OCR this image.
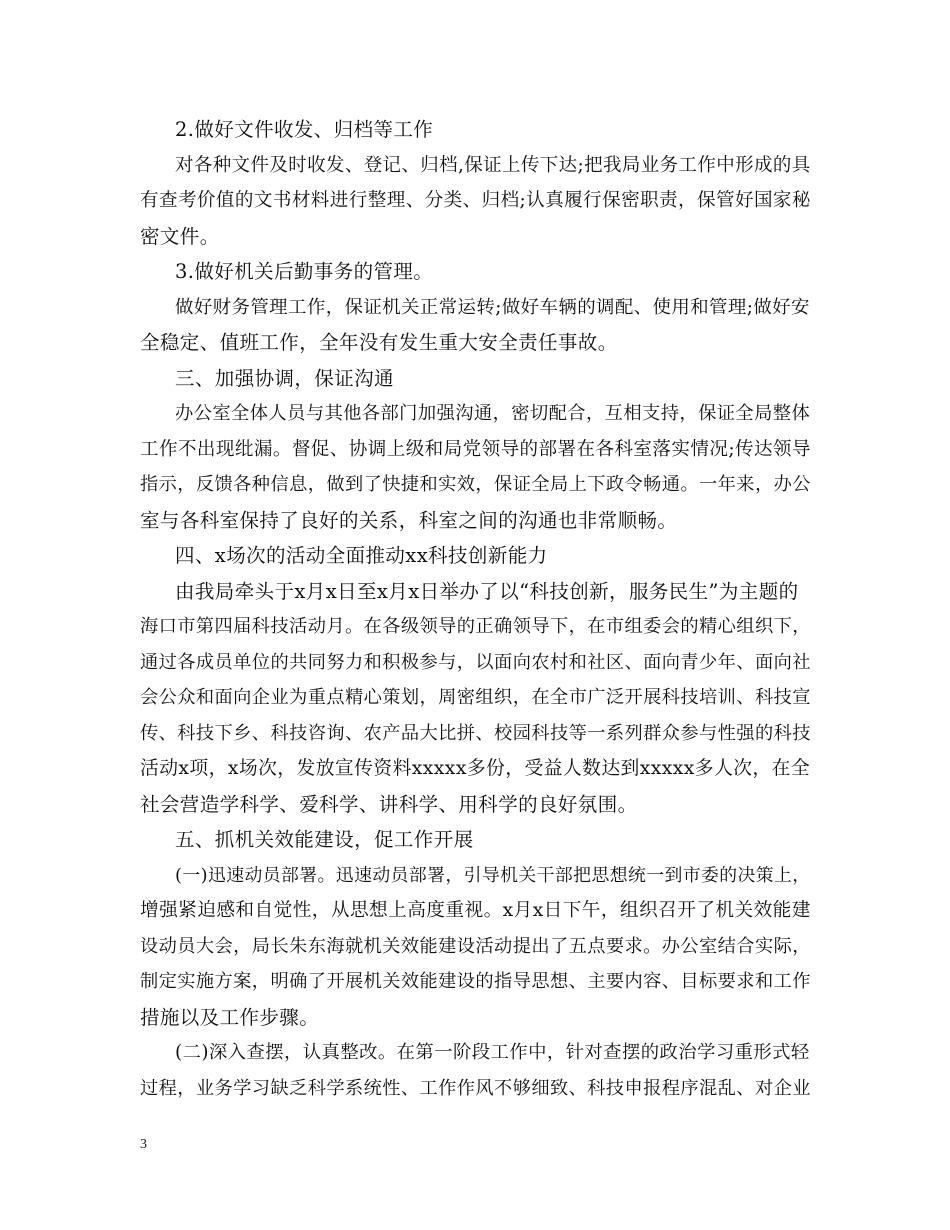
2.做好文件收发、归档等工作
对各种文件及时收发、登记、归档,保证上传下达;把我局业务工作中形成的具
有查考价值的文书材料进行整理、分类、归档;认真履行保密职责，保管好国家秘
密文件。
3.做好机关后勤事务的管理。
做好财务管理工作，保证机关正常运转;做好车辆的调配、使用和管理;做好安
全稳定、值班工作，全年没有发生重大安全责任事故。
三、加强协调，保证沟通
办公室全体人员与其他各部门加强沟通，密切配合，互相支持，保证全局整体
工作不出现纰漏。督促、协调上级和局党领导的部署在各科室落实情况;传达领导
指示，反馈各种信息，做到了快捷和实效，保证全局上下政令畅通。一年来，办公
室与各科室保持了良好的关系，科室之间的沟通也非常顺畅。
四、x场次的活动全面推动xx科技创新能力
由我局牵头于x月x日至x月x日举办了以“科技创新，服务民生”为主题的
海口市第四届科技活动月。在各级领导的正确领导下，在市组委会的精心组织下，
通过各成员单位的共同努力和积极参与，以面向农村和社区、面向青少年、面向社
会公众和面向企业为重点精心策划，周密组织，在全市广泛开展科技培训、科技宣
传、科技下乡、科技咨询、农产品大比拼、校园科技等一系列群众参与性强的科技
活动x项，x场次，发放宣传资料xxxxx多份，受益人数达到xxxxx多人次，在全
社会营造学科学、爱科学、讲科学、用科学的良好氛围。
五、抓机关效能建设，促工作开展
(一)迅速动员部署。迅速动员部署，引导机关干部把思想统一到市委的决策上，
增强紧迫感和自觉性，从思想上高度重视。x月x日下午，组织召开了机关效能建
设动员大会，局长朱东海就机关效能建设活动提出了五点要求。办公室结合实际，
制定实施方案，明确了开展机关效能建设的指导思想、主要内容、目标要求和工作
措施以及工作步骤。
(二)深入查摆，认真整改。在第一阶段工作中，针对查摆的政治学习重形式轻
过程，业务学习缺乏科学系统性、工作作风不够细致、科技申报程序混乱、对企业
3
